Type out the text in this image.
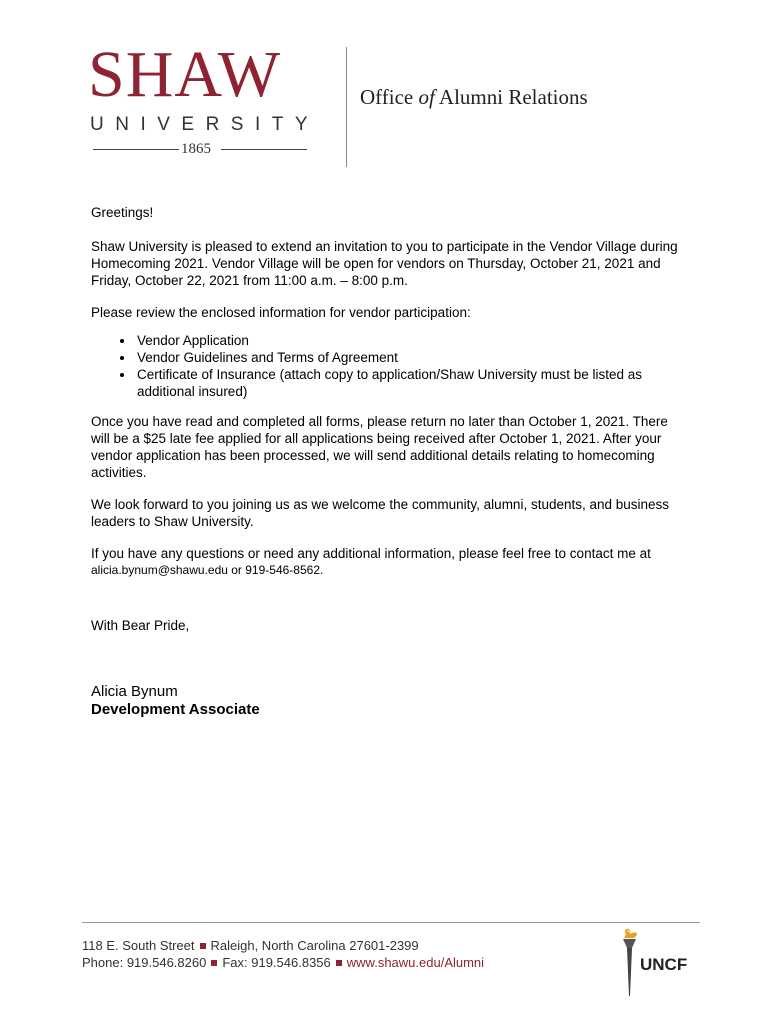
SHAW
UNIVERSITY
1865
Office of Alumni Relations

Greetings!

Shaw University is pleased to extend an invitation to you to participate in the Vendor Village during Homecoming 2021. Vendor Village will be open for vendors on Thursday, October 21, 2021 and Friday, October 22, 2021 from 11:00 a.m. – 8:00 p.m.

Please review the enclosed information for vendor participation:

• Vendor Application
• Vendor Guidelines and Terms of Agreement
• Certificate of Insurance (attach copy to application/Shaw University must be listed as additional insured)

Once you have read and completed all forms, please return no later than October 1, 2021. There will be a $25 late fee applied for all applications being received after October 1, 2021. After your vendor application has been processed, we will send additional details relating to homecoming activities.

We look forward to you joining us as we welcome the community, alumni, students, and business leaders to Shaw University.

If you have any questions or need any additional information, please feel free to contact me at

alicia.bynum@shawu.edu or 919-546-8562.

With Bear Pride,
Alicia Bynum
Development Associate
118 E. South Street Raleigh, North Carolina 27601-2399
Phone: 919.546.8260 Fax: 919.546.8356 www.shawu.edu/Alumni	UNCF
